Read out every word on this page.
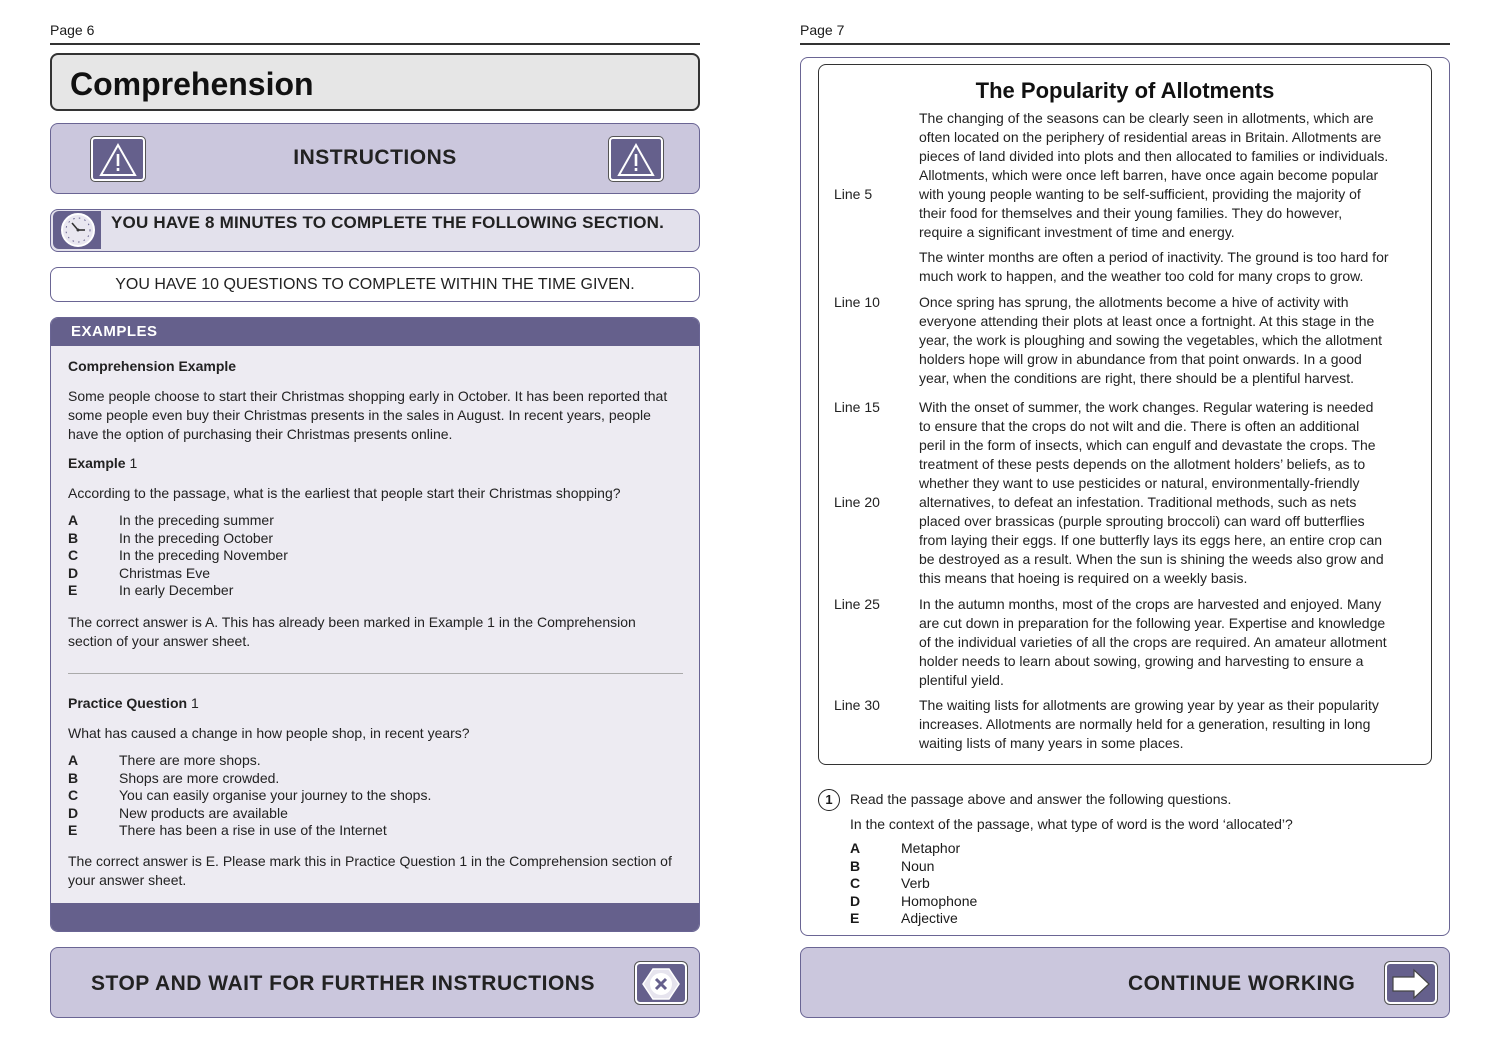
Page 6
Comprehension
INSTRUCTIONS
YOU HAVE 8 MINUTES TO COMPLETE THE FOLLOWING SECTION.
YOU HAVE 10 QUESTIONS TO COMPLETE WITHIN THE TIME GIVEN.
EXAMPLES

Comprehension Example

Some people choose to start their Christmas shopping early in October. It has been reported that some people even buy their Christmas presents in the sales in August. In recent years, people have the option of purchasing their Christmas presents online.

Example 1

According to the passage, what is the earliest that people start their Christmas shopping?

A	In the preceding summer
B	In the preceding October
C	In the preceding November
D	Christmas Eve
E	In early December

The correct answer is A. This has already been marked in Example 1 in the Comprehension section of your answer sheet.

Practice Question 1

What has caused a change in how people shop, in recent years?

A	There are more shops.
B	Shops are more crowded.
C	You can easily organise your journey to the shops.
D	New products are available
E	There has been a rise in use of the Internet

The correct answer is E. Please mark this in Practice Question 1 in the Comprehension section of your answer sheet.

STOP AND WAIT FOR FURTHER INSTRUCTIONS
Page 7
The Popularity of Allotments
The changing of the seasons can be clearly seen in allotments, which are often located on the periphery of residential areas in Britain. Allotments are pieces of land divided into plots and then allocated to families or individuals. Allotments, which were once left barren, have once again become popular with young people wanting to be self-sufficient, providing the majority of their food for themselves and their young families. They do however, require a significant investment of time and energy.
The winter months are often a period of inactivity. The ground is too hard for much work to happen, and the weather too cold for many crops to grow.
Once spring has sprung, the allotments become a hive of activity with everyone attending their plots at least once a fortnight. At this stage in the year, the work is ploughing and sowing the vegetables, which the allotment holders hope will grow in abundance from that point onwards. In a good year, when the conditions are right, there should be a plentiful harvest.
With the onset of summer, the work changes. Regular watering is needed to ensure that the crops do not wilt and die. There is often an additional peril in the form of insects, which can engulf and devastate the crops. The treatment of these pests depends on the allotment holders’ beliefs, as to whether they want to use pesticides or natural, environmentally-friendly alternatives, to defeat an infestation. Traditional methods, such as nets placed over brassicas (purple sprouting broccoli) can ward off butterflies from laying their eggs. If one butterfly lays its eggs here, an entire crop can be destroyed as a result. When the sun is shining the weeds also grow and this means that hoeing is required on a weekly basis.
In the autumn months, most of the crops are harvested and enjoyed. Many are cut down in preparation for the following year. Expertise and knowledge of the individual varieties of all the crops are required. An amateur allotment holder needs to learn about sowing, growing and harvesting to ensure a plentiful yield.
The waiting lists for allotments are growing year by year as their popularity increases. Allotments are normally held for a generation, resulting in long waiting lists of many years in some places.
Line 5
Line 10
Line 15
Line 20
Line 25
Line 30
1	Read the passage above and answer the following questions.
In the context of the passage, what type of word is the word ‘allocated’?
A	Metaphor
B	Noun
C	Verb
D	Homophone
E	Adjective
CONTINUE WORKING
